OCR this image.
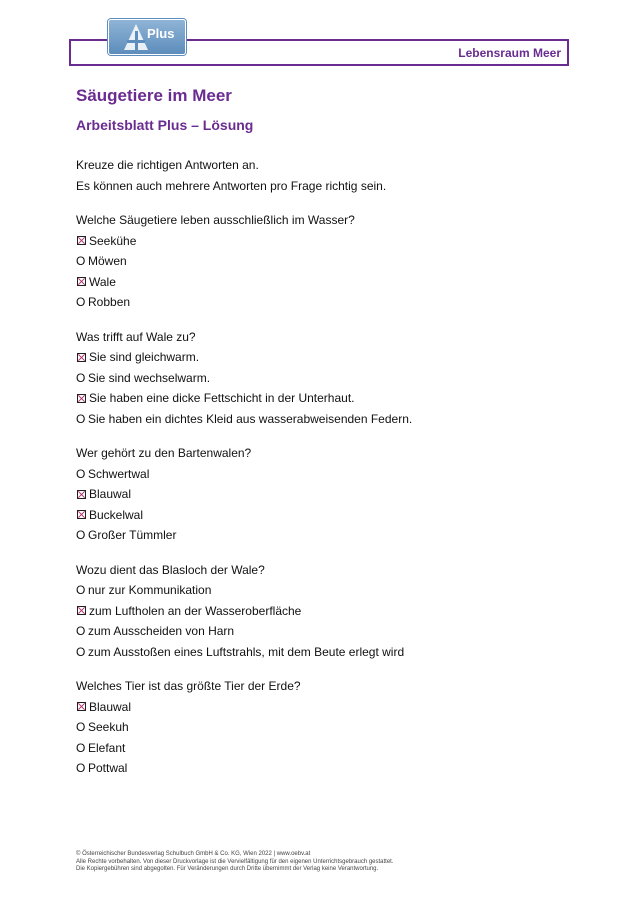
Lebensraum Meer
Plus
Säugetiere im Meer
Arbeitsblatt Plus – Lösung

Kreuze die richtigen Antworten an.

Es können auch mehrere Antworten pro Frage richtig sein.

Welche Säugetiere leben ausschließlich im Wasser?

Seekühe
O Möwen
Wale
O Robben

Was trifft auf Wale zu?

Sie sind gleichwarm.
O Sie sind wechselwarm.
Sie haben eine dicke Fettschicht in der Unterhaut.
O Sie haben ein dichtes Kleid aus wasserabweisenden Federn.

Wer gehört zu den Bartenwalen?

O Schwertwal
Blauwal
Buckelwal
O Großer Tümmler

Wozu dient das Blasloch der Wale?

O nur zur Kommunikation
zum Luftholen an der Wasseroberfläche
O zum Ausscheiden von Harn
O zum Ausstoßen eines Luftstrahls, mit dem Beute erlegt wird

Welches Tier ist das größte Tier der Erde?

Blauwal
O Seekuh
O Elefant
O Pottwal

© Österreichischer Bundesverlag Schulbuch GmbH & Co. KG, Wien 2022 | www.oebv.at

Alle Rechte vorbehalten. Von dieser Druckvorlage ist die Vervielfältigung für den eigenen Unterrichtsgebrauch gestattet.

Die Kopiergebühren sind abgegolten. Für Veränderungen durch Dritte übernimmt der Verlag keine Verantwortung.
